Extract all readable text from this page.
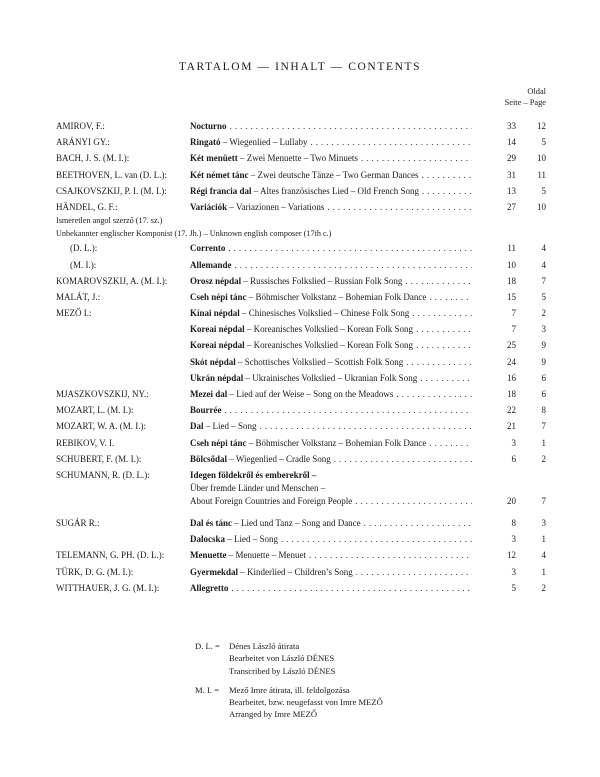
TARTALOM — INHALT — CONTENTS
Oldal
Seite – Page
AMIROV, F.:	Nocturno .....	33	12
ARÁNYI GY.:	Ringató – Wiegenlied – Lullaby .....	14	5
BACH, J. S. (M. I.):	Két menüett – Zwei Menuette – Two Minuets .....	29	10
BEETHOVEN, L. van (D. L.):	Két német tánc – Zwei deutsche Tänze – Two German Dances .....	31	11
CSAJKOVSZKIJ, P. I. (M. I.):	Régi francia dal – Altes französisches Lied – Old French Song .....	13	5
HÄNDEL, G. F.:	Variációk – Variazionen – Variations .....	27	10
Ismeretlen angol szerző (17. sz.)
Unbekannter englischer Komponist (17. Jh.) – Unknown english composer (17th c.)
(D. L.):	Corrento .....	11	4
(M. I.):	Allemande .....	10	4
KOMAROVSZKIJ, A. (M. I.):	Orosz népdal – Russisches Folkslied – Russian Folk Song .....	18	7
MALÁT, J.:	Cseh népi tánc – Böhmischer Volkstanz – Bohemian Folk Dance .....	15	5
MEZŐ I.:	Kínai népdal – Chinesisches Volkslied – Chinese Folk Song .....	7	2
Koreai népdal – Koreanisches Volkslied – Korean Folk Song .....	7	3
Koreai népdal – Koreanisches Volkslied – Korean Folk Song .....	25	9
Skót népdal – Schottisches Volkslied – Scottish Folk Song .....	24	9
Ukrán népdal – Ukrainisches Volkslied – Ukranian Folk Song .....	16	6
MJASZKOVSZKIJ, NY.:	Mezei dal – Lied auf der Weise – Song on the Meadows .....	18	6
MOZART, L. (M. I.):	Bourrée .....	22	8
MOZART, W. A. (M. I.):	Dal – Lied – Song .....	21	7
REBIKOV, V. I.	Cseh népi tánc – Böhmischer Volkstanz – Bohemian Folk Dance .....	3	1
SCHUBERT, F. (M. I.):	Bölcsődal – Wiegenlied – Cradle Song .....	6	2
SCHUMANN, R. (D. L.):	Idegen földekről és emberekről –
Über fremde Länder und Menschen –
About Foreign Countries and Foreign People .....	20	7
SUGÁR R.:	Dal és tánc – Lied und Tanz – Song and Dance .....	8	3
Dalocska – Lied – Song .....	3	1
TELEMANN, G. PH. (D. L.):	Menuette – Menuette – Menuet .....	12	4
TÜRK, D. G. (M. I.):	Gyermekdal – Kinderlied – Children’s Song .....	3	1
WITTHAUER, J. G. (M. I.):	Allegretto .....	5	2
D. L. = Dénes László átirata
Bearbeitet von László DÉNES
Transcribed by László DÉNES
M. I. = Mező Imre átirata, ill. feldolgozása
Bearbeitet, bzw. neugefasst von Imre MEZŐ
Arranged by Imre MEZŐ
